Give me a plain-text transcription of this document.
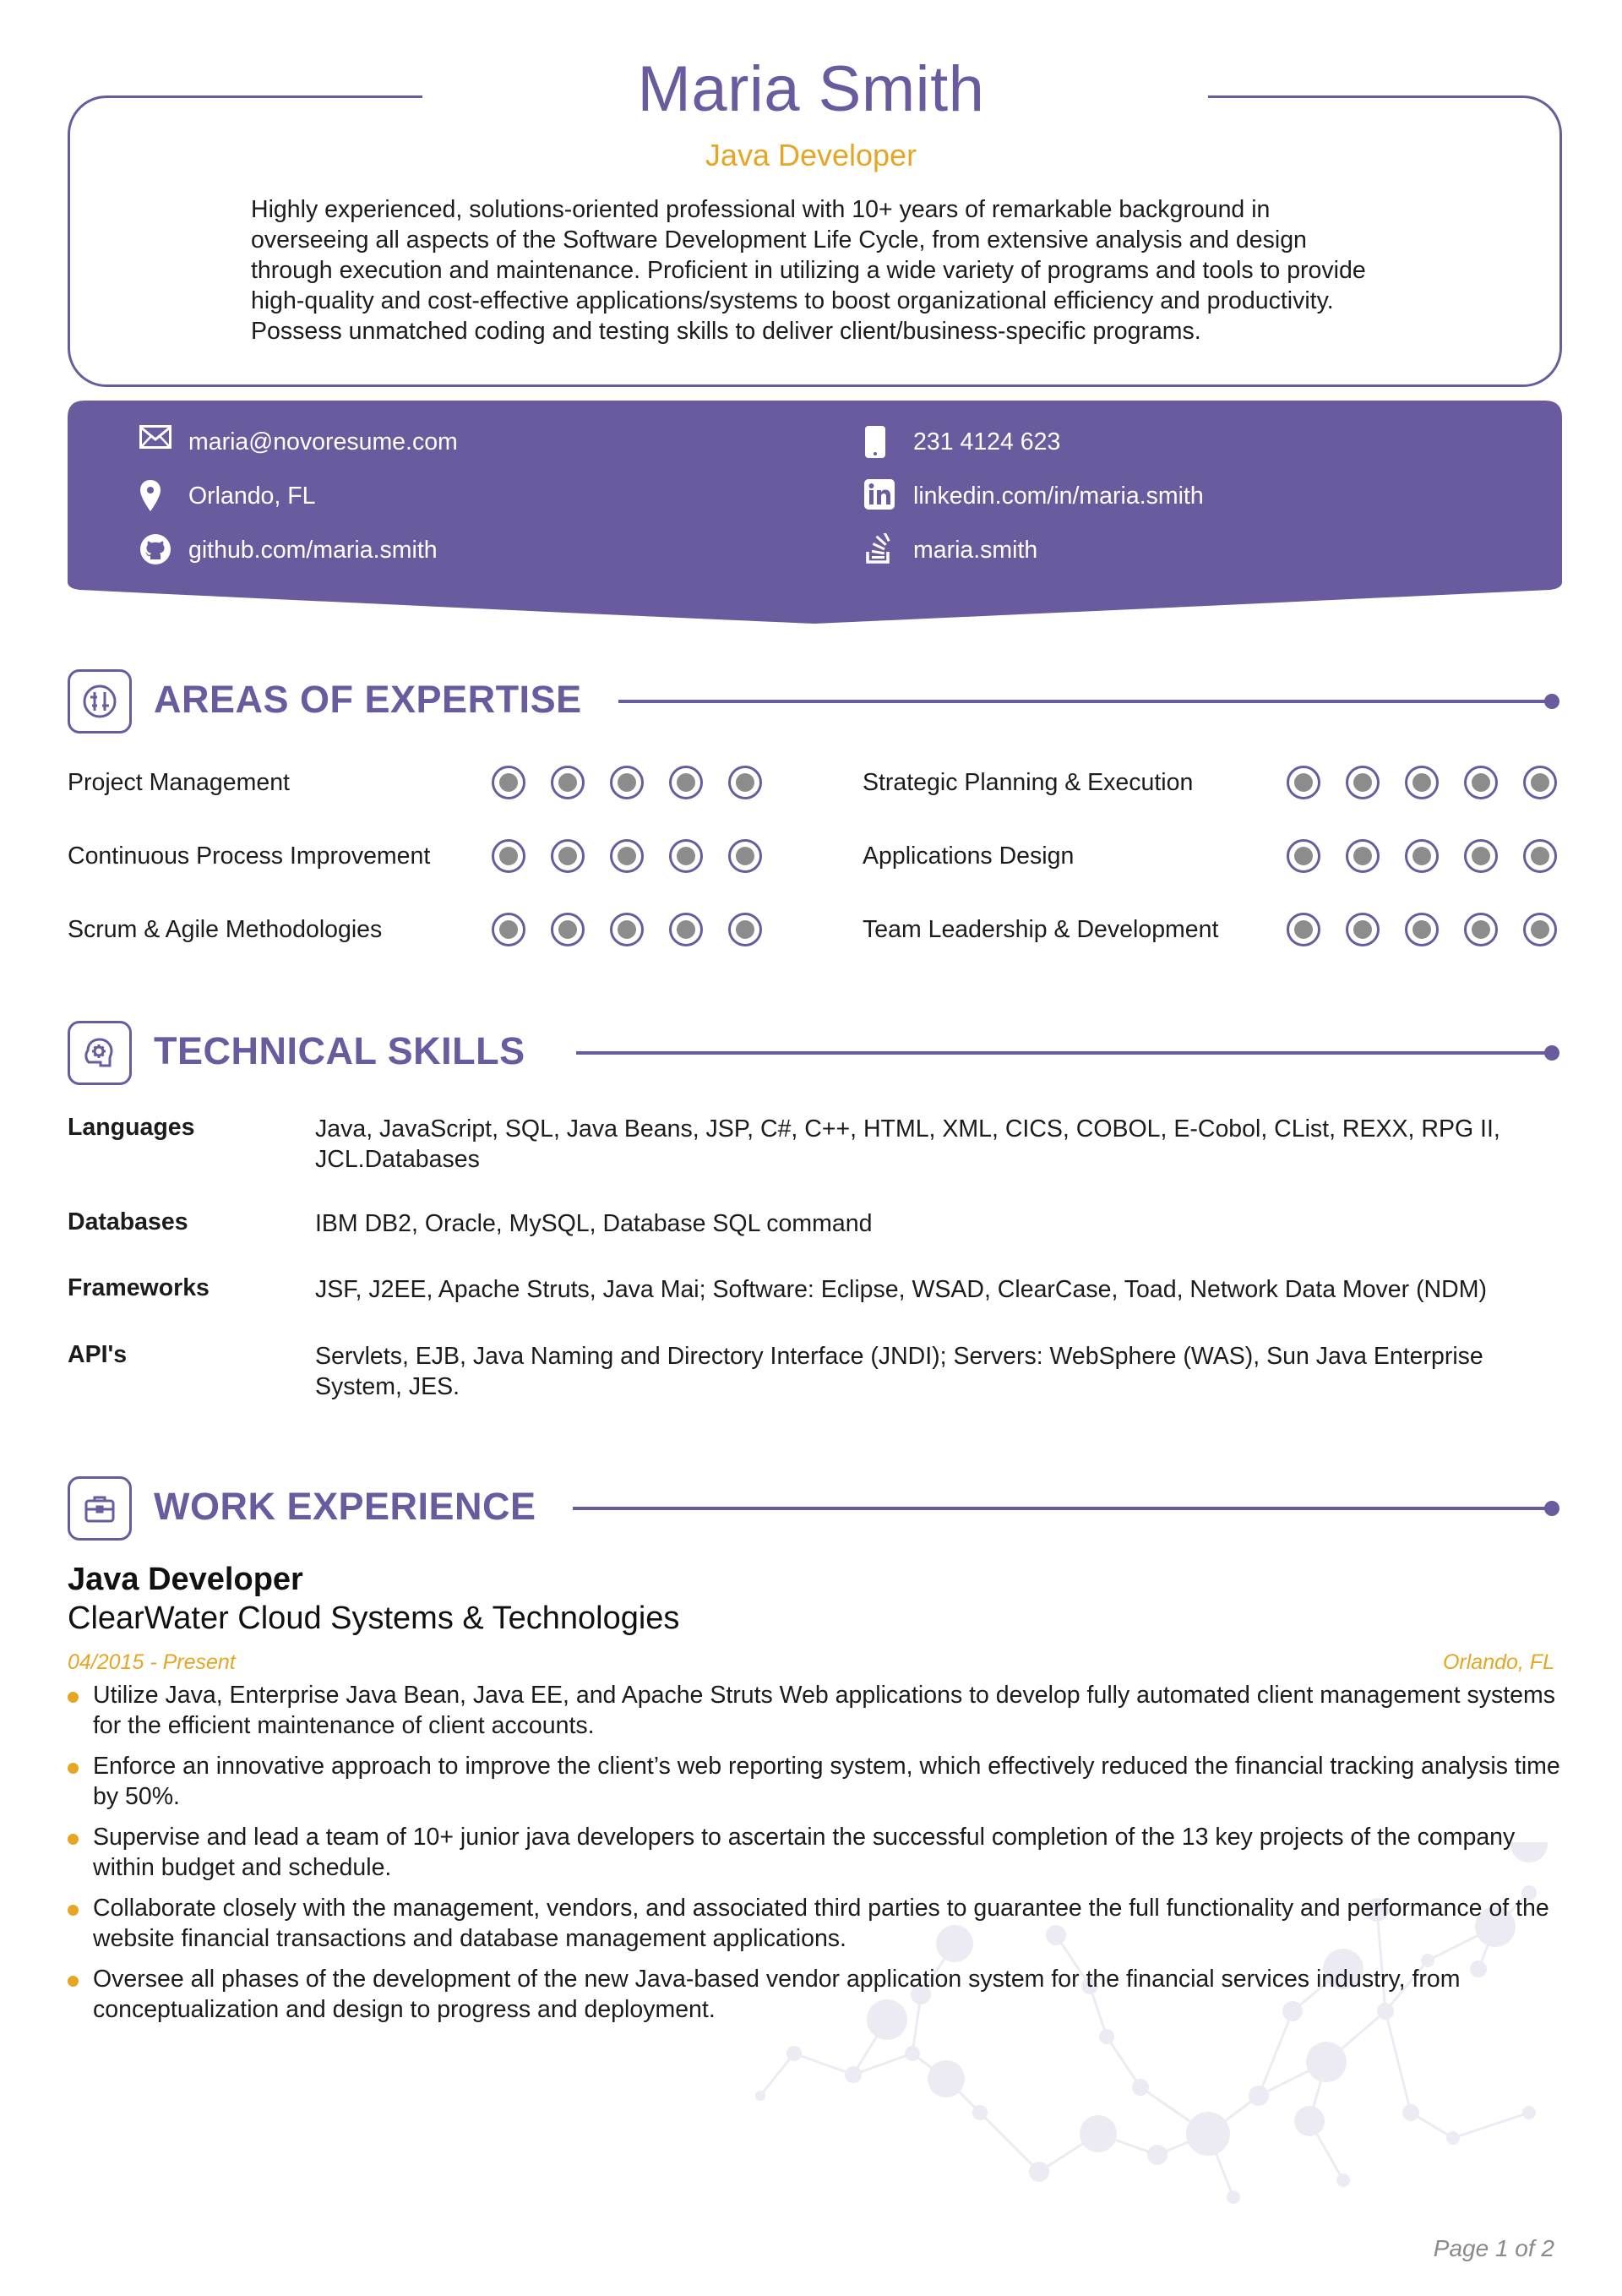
Maria Smith
Java Developer
Highly experienced, solutions-oriented professional with 10+ years of remarkable background in overseeing all aspects of the Software Development Life Cycle, from extensive analysis and design through execution and maintenance. Proficient in utilizing a wide variety of programs and tools to provide high-quality and cost-effective applications/systems to boost organizational efficiency and productivity. Possess unmatched coding and testing skills to deliver client/business-specific programs.
maria@novoresume.com	231 4124 623
Orlando, FL	linkedin.com/in/maria.smith
github.com/maria.smith	maria.smith
AREAS OF EXPERTISE
Project Management	Strategic Planning & Execution
Continuous Process Improvement	Applications Design
Scrum & Agile Methodologies	Team Leadership & Development
TECHNICAL SKILLS
Languages	Java, JavaScript, SQL, Java Beans, JSP, C#, C++, HTML, XML, CICS, COBOL, E-Cobol, CList, REXX, RPG II, JCL.Databases
Databases	IBM DB2, Oracle, MySQL, Database SQL command
Frameworks	JSF, J2EE, Apache Struts, Java Mai; Software: Eclipse, WSAD, ClearCase, Toad, Network Data Mover (NDM)
API's	Servlets, EJB, Java Naming and Directory Interface (JNDI); Servers: WebSphere (WAS), Sun Java Enterprise System, JES.
WORK EXPERIENCE
Java Developer
ClearWater Cloud Systems & Technologies
04/2015 - Present	Orlando, FL
Utilize Java, Enterprise Java Bean, Java EE, and Apache Struts Web applications to develop fully automated client management systems for the efficient maintenance of client accounts.
Enforce an innovative approach to improve the client’s web reporting system, which effectively reduced the financial tracking analysis time by 50%.
Supervise and lead a team of 10+ junior java developers to ascertain the successful completion of the 13 key projects of the company within budget and schedule.
Collaborate closely with the management, vendors, and associated third parties to guarantee the full functionality and performance of the website financial transactions and database management applications.
Oversee all phases of the development of the new Java-based vendor application system for the financial services industry, from conceptualization and design to progress and deployment.
Page 1 of 2
